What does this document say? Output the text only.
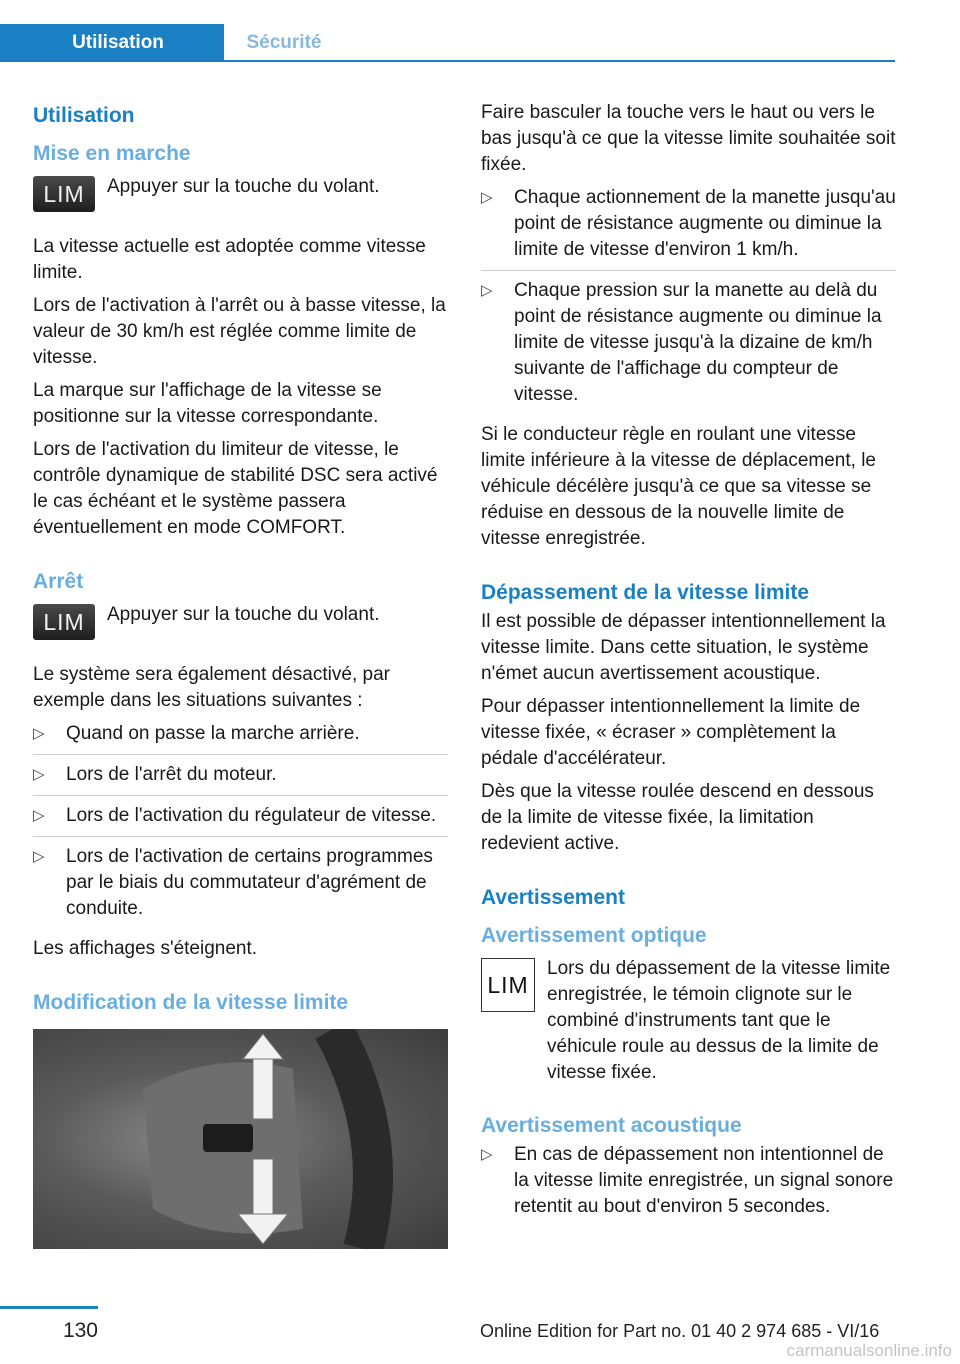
Utilisation	Sécurité
Utilisation
Mise en marche
LIM	Appuyer sur la touche du volant.

La vitesse actuelle est adoptée comme vitesse limite.

Lors de l'activation à l'arrêt ou à basse vitesse, la valeur de 30 km/h est réglée comme limite de vitesse.

La marque sur l'affichage de la vitesse se positionne sur la vitesse correspondante.

Lors de l'activation du limiteur de vitesse, le contrôle dynamique de stabilité DSC sera activé le cas échéant et le système passera éventuellement en mode COMFORT.

Arrêt
LIM	Appuyer sur la touche du volant.

Le système sera également désactivé, par exemple dans les situations suivantes :

▷ Quand on passe la marche arrière.
▷ Lors de l'arrêt du moteur.
▷ Lors de l'activation du régulateur de vitesse.
▷ Lors de l'activation de certains programmes par le biais du commutateur d'agrément de conduite.

Les affichages s'éteignent.

Modification de la vitesse limite

Faire basculer la touche vers le haut ou vers le bas jusqu'à ce que la vitesse limite souhaitée soit fixée.

▷ Chaque actionnement de la manette jusqu'au point de résistance augmente ou diminue la limite de vitesse d'environ 1 km/h.
▷ Chaque pression sur la manette au delà du point de résistance augmente ou diminue la limite de vitesse jusqu'à la dizaine de km/h suivante de l'affichage du compteur de vitesse.

Si le conducteur règle en roulant une vitesse limite inférieure à la vitesse de déplacement, le véhicule décélère jusqu'à ce que sa vitesse se réduise en dessous de la nouvelle limite de vitesse enregistrée.

Dépassement de la vitesse limite

Il est possible de dépasser intentionnellement la vitesse limite. Dans cette situation, le système n'émet aucun avertissement acoustique.

Pour dépasser intentionnellement la limite de vitesse fixée, « écraser » complètement la pédale d'accélérateur.

Dès que la vitesse roulée descend en dessous de la limite de vitesse fixée, la limitation redevient active.

Avertissement
Avertissement optique
LIM
Lors du dépassement de la vitesse limite enregistrée, le témoin clignote sur le combiné d'instruments tant que le véhicule roule au dessus de la limite de vitesse fixée.
Avertissement acoustique
▷ En cas de dépassement non intentionnel de la vitesse limite enregistrée, un signal sonore retentit au bout d'environ 5 secondes.
130	Online Edition for Part no. 01 40 2 974 685 - VI/16
carmanualsonline.info
